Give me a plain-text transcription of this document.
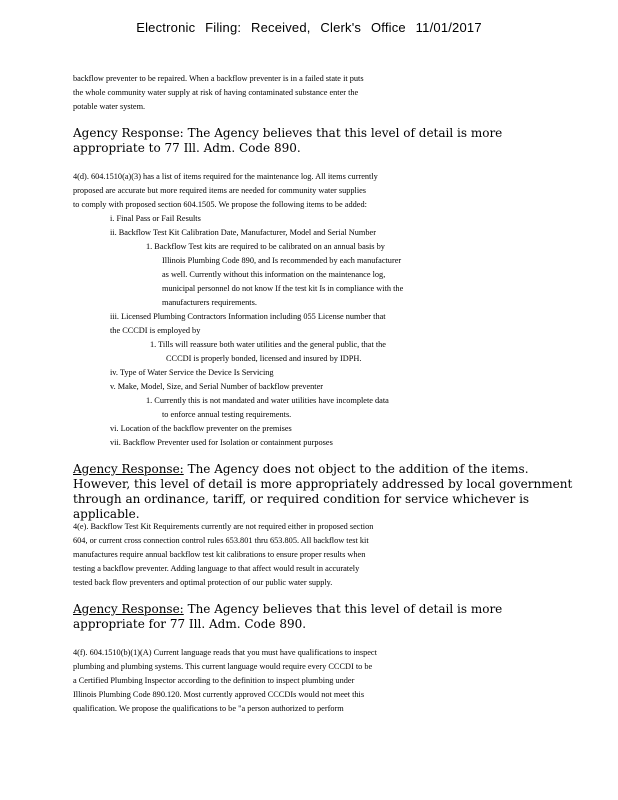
Electronic Filing: Received, Clerk's Office 11/01/2017
backflow preventer to be repaired. When a backflow preventer is in a failed state it puts
the whole community water supply at risk of having contaminated substance enter the
potable water system.
Agency Response: The Agency believes that this level of detail is more appropriate to 77 Ill. Adm. Code 890.
4(d). 604.1510(a)(3) has a list of items required for the maintenance log. All items currently
proposed are accurate but more required items are needed for community water supplies
to comply with proposed section 604.1505. We propose the following items to be added:
i. Final Pass or Fail Results
ii. Backflow Test Kit Calibration Date, Manufacturer, Model and Serial Number
1. Backflow Test kits are required to be calibrated on an annual basis by
Illinois Plumbing Code 890, and Is recommended by each manufacturer
as well. Currently without this information on the maintenance log,
municipal personnel do not know If the test kit Is in compliance with the
manufacturers requirements.
iii. Licensed Plumbing Contractors Information including 055 License number that
the CCCDI is employed by
1. Tills will reassure both water utilities and the general public, that the
CCCDI is properly bonded, licensed and insured by IDPH.
iv. Type of Water Service the Device Is Servicing
v. Make, Model, Size, and Serial Number of backflow preventer
1. Currently this is not mandated and water utilities have incomplete data
to enforce annual testing requirements.
vi. Location of the backflow preventer on the premises
vii. Backflow Preventer used for Isolation or containment purposes
Agency Response: The Agency does not object to the addition of the items. However, this level of detail is more appropriately addressed by local government through an ordinance, tariff, or required condition for service whichever is applicable.
4(e). Backflow Test Kit Requirements currently are not required either in proposed section
604, or current cross connection control rules 653.801 thru 653.805. All backflow test kit
manufactures require annual backflow test kit calibrations to ensure proper results when
testing a backflow preventer. Adding language to that affect would result in accurately
tested back flow preventers and optimal protection of our public water supply.
Agency Response: The Agency believes that this level of detail is more appropriate for 77 Ill. Adm. Code 890.
4(f). 604.1510(b)(1)(A) Current language reads that you must have qualifications to inspect
plumbing and plumbing systems. This current language would require every CCCDI to be
a Certified Plumbing Inspector according to the definition to inspect plumbing under
Illinois Plumbing Code 890.120. Most currently approved CCCDIs would not meet this
qualification. We propose the qualifications to be "a person authorized to perform
